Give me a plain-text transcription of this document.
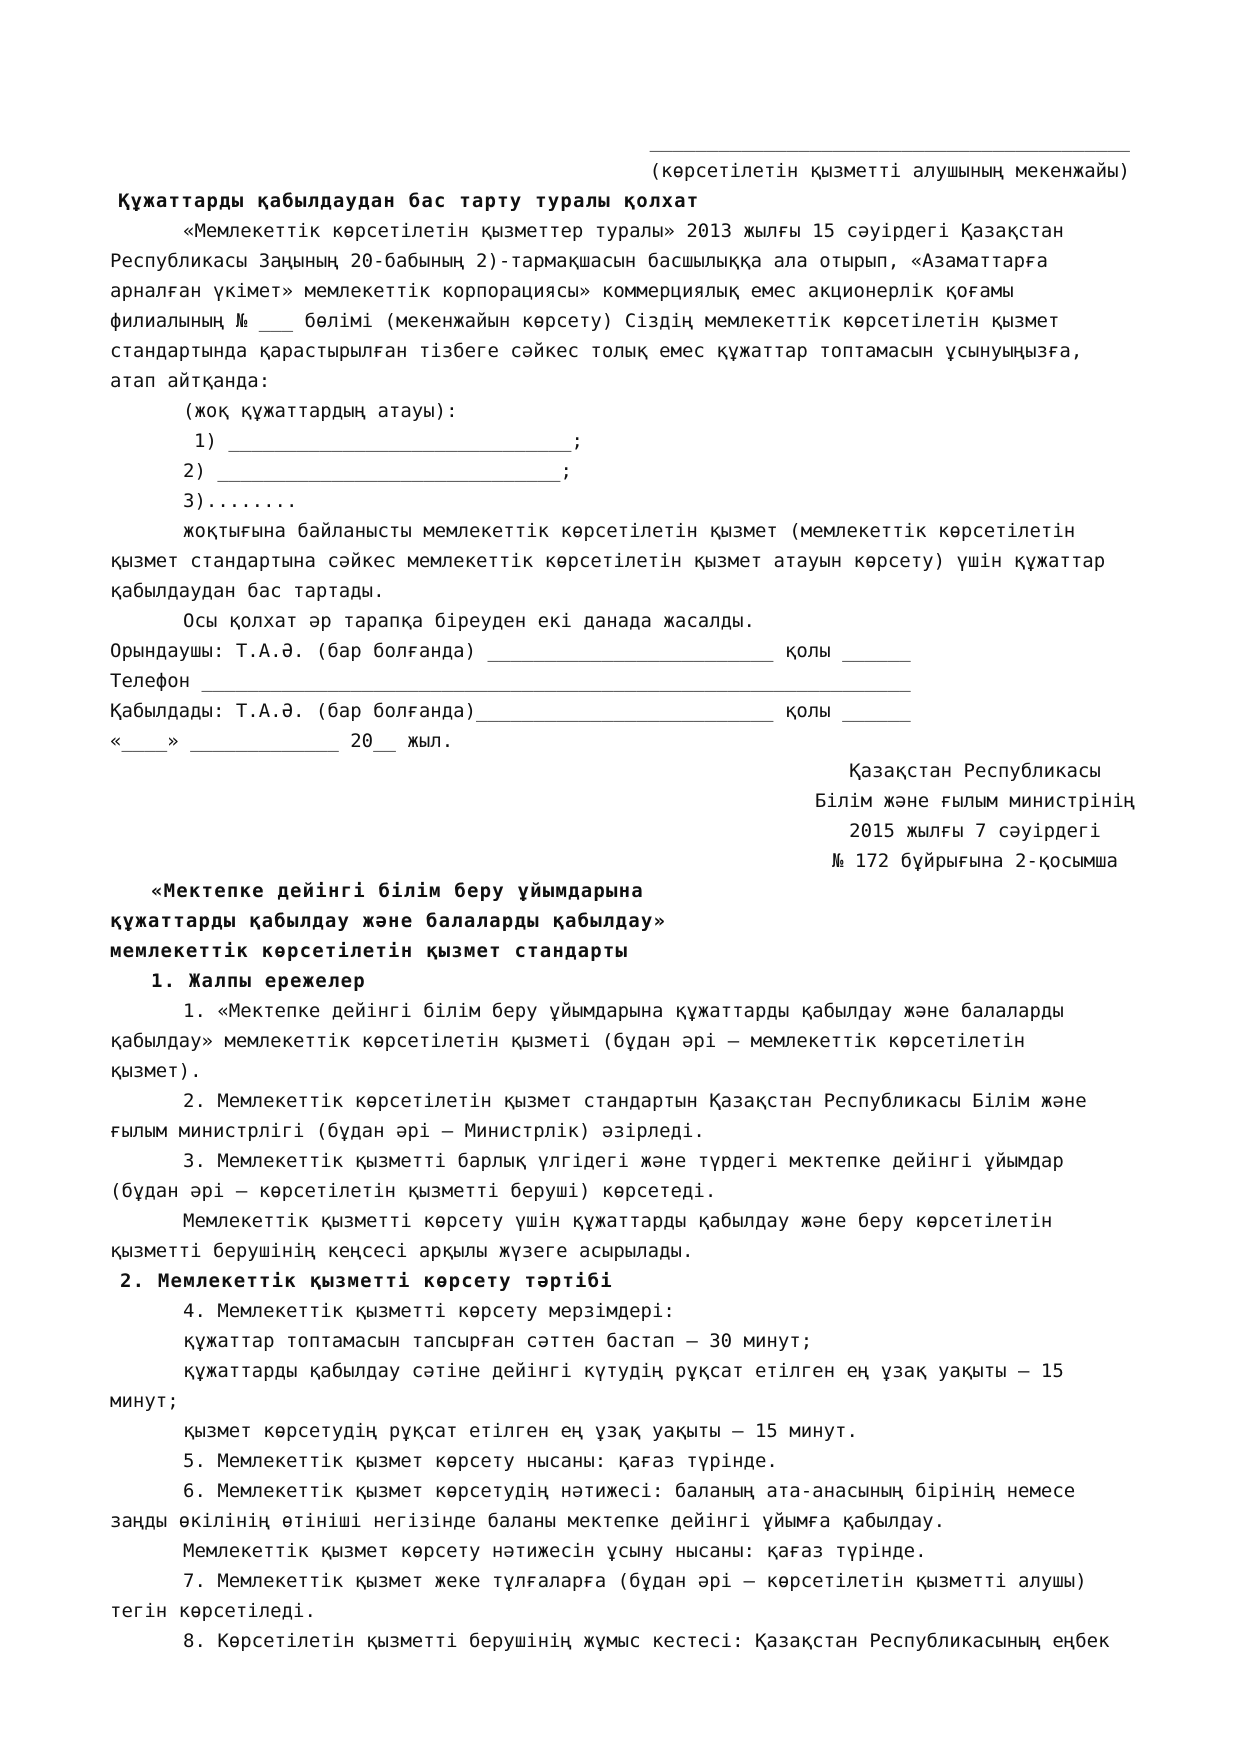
__________________________________________
(көрсетілетін қызметті алушының мекенжайы)
Құжаттарды қабылдаудан бас тарту туралы қолхат
«Мемлекеттік көрсетілетін қызметтер туралы» 2013 жылғы 15 сәуірдегі Қазақстан
Республикасы Заңының 20-бабының 2)-тармақшасын басшылыққа ала отырып, «Азаматтарға
арналған үкімет» мемлекеттік корпорациясы» коммерциялық емес акционерлік қоғамы
филиалының № ___ бөлімі (мекенжайын көрсету) Сіздің мемлекеттік көрсетілетін қызмет
стандартында қарастырылған тізбеге сәйкес толық емес құжаттар топтамасын ұсынуыңызға,
атап айтқанда:
(жоқ құжаттардың атауы):
1) ______________________________;
2) ______________________________;
3)........
жоқтығына байланысты мемлекеттік көрсетілетін қызмет (мемлекеттік көрсетілетін
қызмет стандартына сәйкес мемлекеттік көрсетілетін қызмет атауын көрсету) үшін құжаттар
қабылдаудан бас тартады.
Осы қолхат әр тарапқа біреуден екі данада жасалды.
Орындаушы: Т.А.Ә. (бар болғанда) _________________________ қолы ______
Телефон ______________________________________________________________
Қабылдады: Т.А.Ә. (бар болғанда)__________________________ қолы ______
«____» _____________ 20__ жыл.
Қазақстан Республикасы
Білім және ғылым министрінің
2015 жылғы 7 сәуірдегі
№ 172 бұйрығына 2-қосымша
«Мектепке дейінгі білім беру ұйымдарына
құжаттарды қабылдау және балаларды қабылдау»
мемлекеттік көрсетілетін қызмет стандарты
1. Жалпы ережелер
1. «Мектепке дейінгі білім беру ұйымдарына құжаттарды қабылдау және балаларды
қабылдау» мемлекеттік көрсетілетін қызметі (бұдан әрі – мемлекеттік көрсетілетін
қызмет).
2. Мемлекеттік көрсетілетін қызмет стандартын Қазақстан Республикасы Білім және
ғылым министрлігі (бұдан әрі – Министрлік) әзірледі.
3. Мемлекеттік қызметті барлық үлгідегі және түрдегі мектепке дейінгі ұйымдар
(бұдан әрі – көрсетілетін қызметті беруші) көрсетеді.
Мемлекеттік қызметті көрсету үшін құжаттарды қабылдау және беру көрсетілетін
қызметті берушінің кеңсесі арқылы жүзеге асырылады.
2. Мемлекеттік қызметті көрсету тәртібі
4. Мемлекеттік қызметті көрсету мерзімдері:
құжаттар топтамасын тапсырған сәттен бастап – 30 минут;
құжаттарды қабылдау сәтіне дейінгі күтудің рұқсат етілген ең ұзақ уақыты – 15
минут;
қызмет көрсетудің рұқсат етілген ең ұзақ уақыты – 15 минут.
5. Мемлекеттік қызмет көрсету нысаны: қағаз түрінде.
6. Мемлекеттік қызмет көрсетудің нәтижесі: баланың ата-анасының бірінің немесе
заңды өкілінің өтініші негізінде баланы мектепке дейінгі ұйымға қабылдау.
Мемлекеттік қызмет көрсету нәтижесін ұсыну нысаны: қағаз түрінде.
7. Мемлекеттік қызмет жеке тұлғаларға (бұдан әрі – көрсетілетін қызметті алушы)
тегін көрсетіледі.
8. Көрсетілетін қызметті берушінің жұмыс кестесі: Қазақстан Республикасының еңбек
